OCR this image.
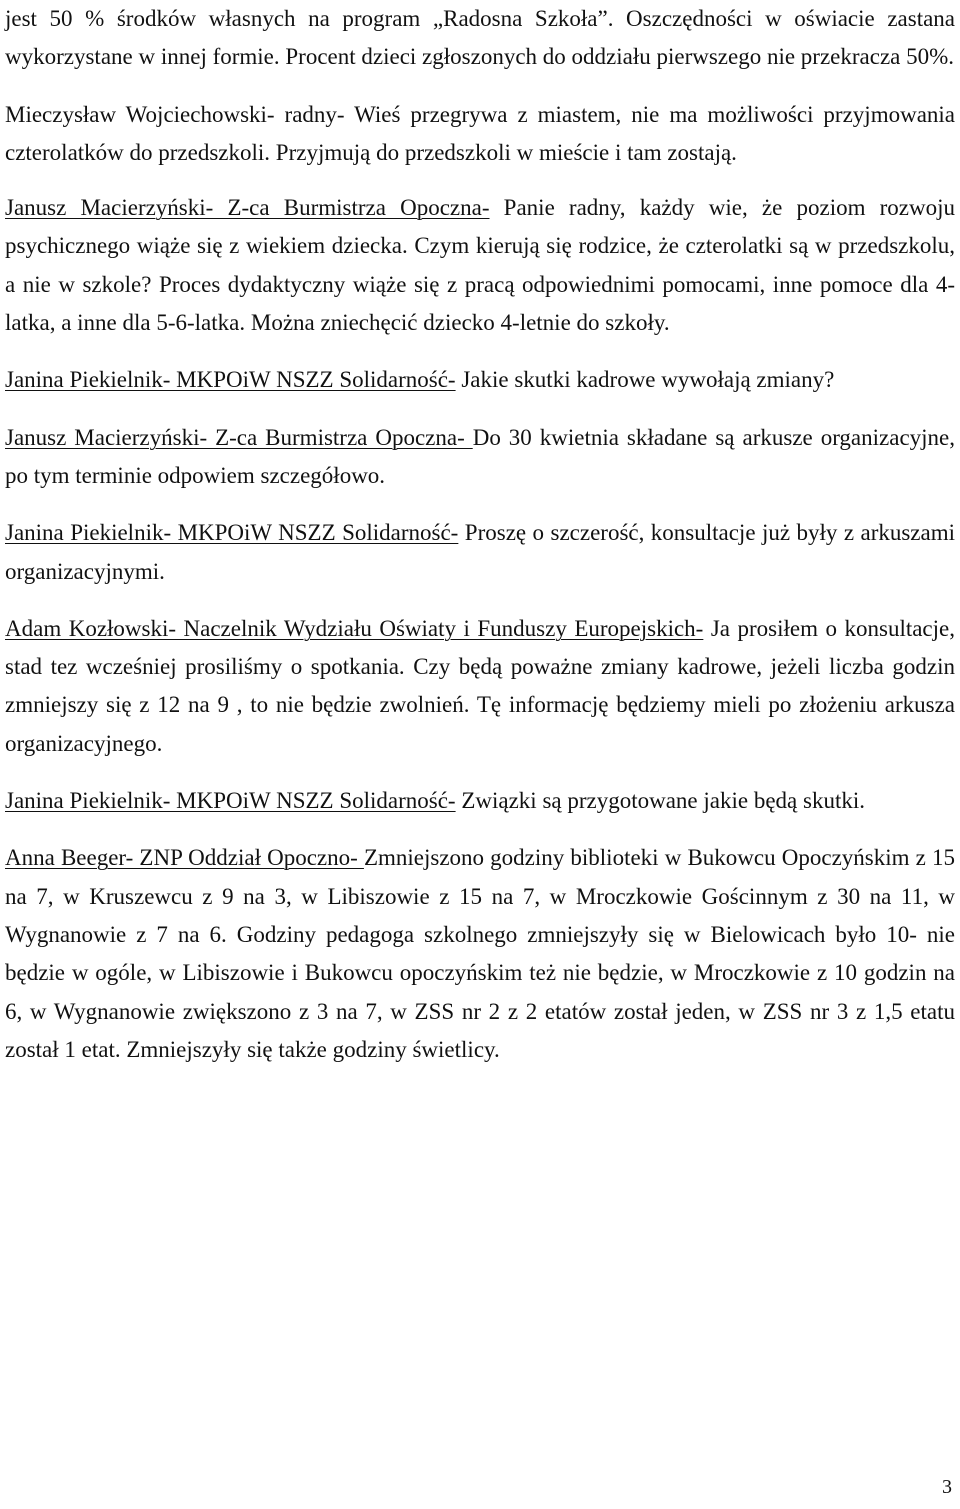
jest 50 % środków własnych na program „Radosna Szkoła”. Oszczędności w oświacie zastana wykorzystane w innej formie. Procent dzieci zgłoszonych do oddziału pierwszego nie przekracza 50%.

Mieczysław Wojciechowski- radny- Wieś przegrywa z miastem, nie ma możliwości przyjmowania czterolatków do przedszkoli. Przyjmują do przedszkoli w mieście i tam zostają.

Janusz Macierzyński- Z-ca Burmistrza Opoczna- Panie radny, każdy wie, że poziom rozwoju psychicznego wiąże się z wiekiem dziecka. Czym kierują się rodzice, że czterolatki są w przedszkolu, a nie w szkole? Proces dydaktyczny wiąże się z pracą odpowiednimi pomocami, inne pomoce dla 4-latka, a inne dla 5-6-latka. Można zniechęcić dziecko 4-letnie do szkoły.

Janina Piekielnik- MKPOiW NSZZ Solidarność- Jakie skutki kadrowe wywołają zmiany?

Janusz Macierzyński- Z-ca Burmistrza Opoczna- Do 30 kwietnia składane są arkusze organizacyjne, po tym terminie odpowiem szczegółowo.

Janina Piekielnik- MKPOiW NSZZ Solidarność- Proszę o szczerość, konsultacje już były z arkuszami organizacyjnymi.

Adam Kozłowski- Naczelnik Wydziału Oświaty i Funduszy Europejskich- Ja prosiłem o konsultacje, stad tez wcześniej prosiliśmy o spotkania. Czy będą poważne zmiany kadrowe, jeżeli liczba godzin zmniejszy się z 12 na 9 , to nie będzie zwolnień. Tę informację będziemy mieli po złożeniu arkusza organizacyjnego.

Janina Piekielnik- MKPOiW NSZZ Solidarność- Związki są przygotowane jakie będą skutki.

Anna Beeger- ZNP Oddział Opoczno- Zmniejszono godziny biblioteki w Bukowcu Opoczyńskim z 15 na 7, w Kruszewcu z 9 na 3, w Libiszowie z 15 na 7, w Mroczkowie Gościnnym z 30 na 11, w Wygnanowie z 7 na 6. Godziny pedagoga szkolnego zmniejszyły się w Bielowicach było 10- nie będzie w ogóle, w Libiszowie i Bukowcu opoczyńskim też nie będzie, w Mroczkowie z 10 godzin na 6, w Wygnanowie zwiększono z 3 na 7, w ZSS nr 2 z 2 etatów został jeden, w ZSS nr 3 z 1,5 etatu został 1 etat. Zmniejszyły się także godziny świetlicy.

3
